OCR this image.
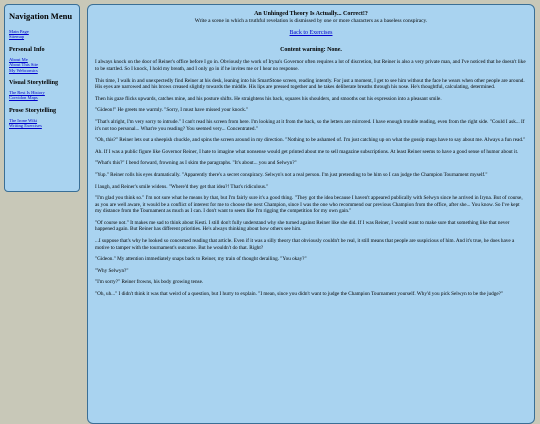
Navigation Menu
Main Page
Sitemap
Personal Info
About Me
About This Site
My Webcomics
Visual Storytelling
The Rest Is History
Corvidon Maps
Prose Storytelling
The Irone Wiki
Writing Exercises
An Unhinged Theory Is Actually... Correct!?
Write a scene in which a truthful revelation is dismissed by one or more characters as a baseless conspiracy.
Back to Exercises
Content warning: None.

I always knock on the door of Reiner's office before I go in. Obviously the work of Iryna's Governor often requires a lot of discretion, but Reiner is also a very private man, and I've noticed that he doesn't like to be startled. So I knock, I hold my breath, and I only go in if he invites me or I hear no response.

This time, I walk in and unexpectedly find Reiner at his desk, leaning into his SmartStone screen, reading intently. For just a moment, I get to see him without the face he wears when other people are around. His eyes are narrowed and his brows creased slightly towards the middle. His lips are pressed together and he takes deliberate breaths through his nose. He's thoughtful, calculating, determined.

Then his gaze flicks upwards, catches mine, and his posture shifts. He straightens his back, squares his shoulders, and smooths out his expression into a pleasant smile.

"Gideon!" He greets me warmly. "Sorry, I must have missed your knock."

"That's alright, I'm very sorry to intrude." I can't read his screen from here. I'm looking at it from the back, so the letters are mirrored. I have enough trouble reading, even from the right side. "Could I ask... If it's not too personal... What're you reading? You seemed very... Concentrated."

"Oh, this?" Reiner lets out a sheepish chuckle, and spins the screen around in my direction. "Nothing to be ashamed of. I'm just catching up on what the gossip mags have to say about me. Always a fun read."

Ah. If I was a public figure like Governor Reiner, I hate to imagine what nonsense would get printed about me to sell magazine subscriptions. At least Reiner seems to have a good sense of humor about it.

"What's this?" I bend forward, frowning as I skim the paragraphs. "It's about... you and Selwyn?"

"Yup." Reiner rolls his eyes dramatically. "Apparently there's a secret conspiracy. Selwyn's not a real person. I'm just pretending to be him so I can judge the Champion Tournament myself."

I laugh, and Reiner's smile widens. "Where'd they get that idea?! That's ridiculous."

"I'm glad you think so." I'm not sure what he means by that, but I'm fairly sure it's a good thing. "They got the idea because I haven't appeared publically with Selwyn since he arrived in Iryna. But of course, as you are well aware, it would be a conflict of interest for me to choose the next Champion, since I was the one who recommend our previous Champion from the office, after she... You know. So I've kept my distance from the Tournament as much as I can. I don't want to seem like I'm rigging the competition for my own gain."

"Of course not." It makes me sad to think about Kesti. I still don't fully understand why she turned against Reiner like she did. If I was Reiner, I would want to make sure that something like that never happened again. But Reiner has different priorities. He's always thinking about how others see him.

...I suppose that's why he looked so concerned reading that article. Even if it was a silly theory that obviously couldn't be real, it still means that people are suspicious of him. And it's true, he does have a motive to tamper with the tournament's outcome. But he wouldn't do that. Right?

"Gideon." My attention immediately snaps back to Reiner, my train of thought derailing. "You okay?"

"Why Selwyn?"

"I'm sorry?" Reiner frowns, his body growing tense.

"Oh, uh..." I didn't think it was that weird of a question, but I hurry to explain. "I mean, since you didn't want to judge the Champion Tournament yourself. Why'd you pick Selwyn to be the judge?"
